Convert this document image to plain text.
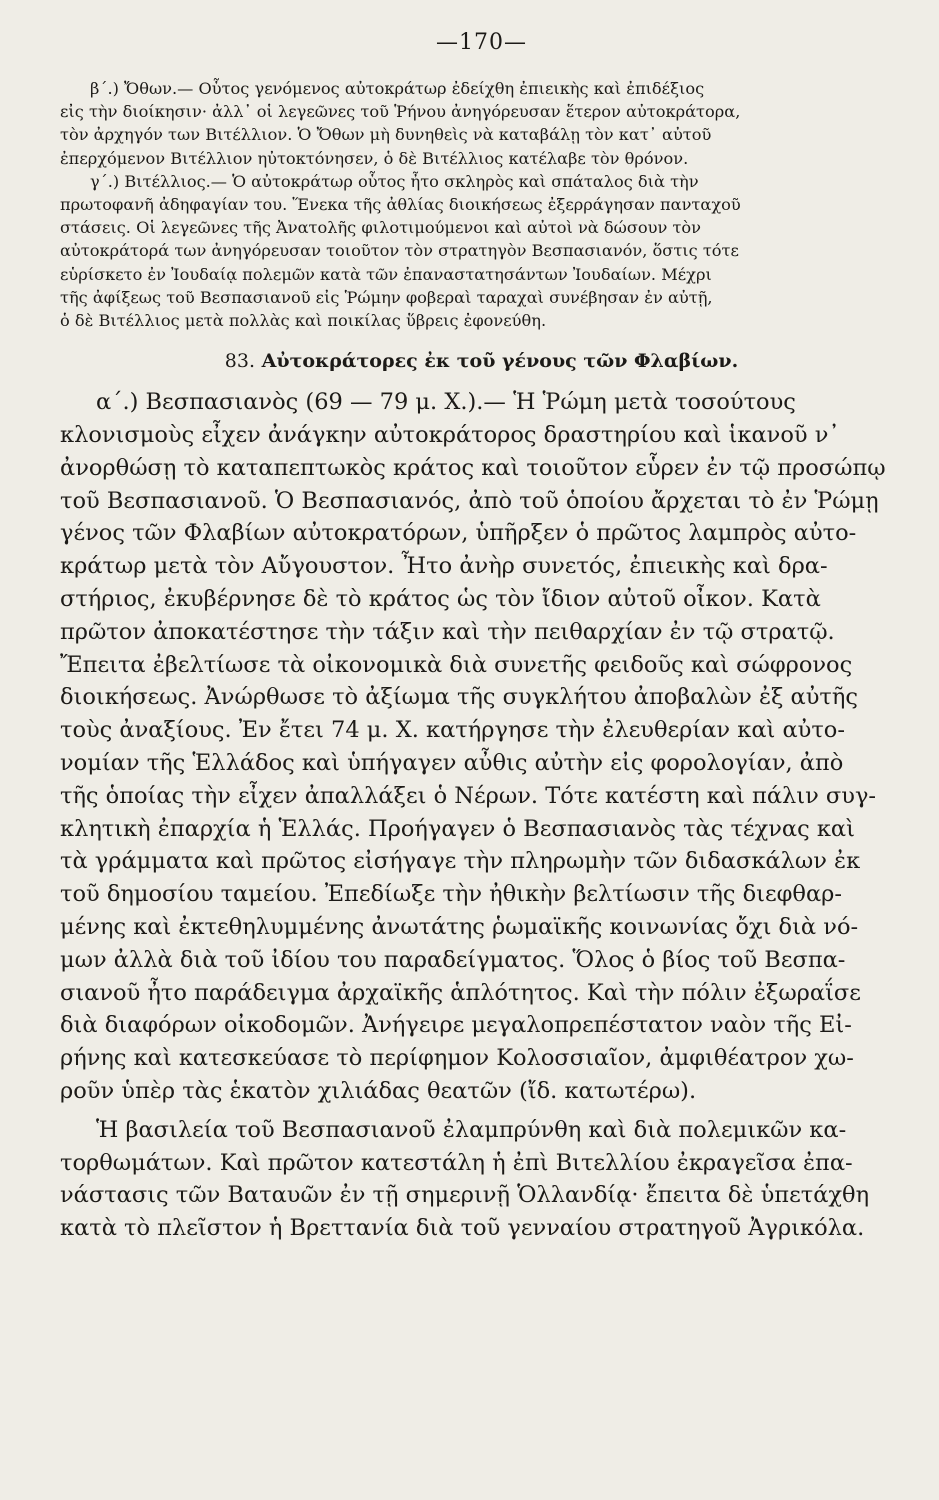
—170—

β΄.) Ὄθων.— Οὗτος γενόμενος αὐτοκράτωρ ἐδείχθη ἐπιεικὴς καὶ ἐπιδέξιος
εἰς τὴν διοίκησιν· ἀλλ᾽ οἱ λεγεῶνες τοῦ Ῥήνου ἀνηγόρευσαν ἕτερον αὐτοκράτορα,
τὸν ἀρχηγόν των Βιτέλλιον. Ὁ Ὄθων μὴ δυνηθεὶς νὰ καταβάλῃ τὸν κατ᾽ αὐτοῦ
ἐπερχόμενον Βιτέλλιον ηὐτοκτόνησεν, ὁ δὲ Βιτέλλιος κατέλαβε τὸν θρόνον.

γ΄.) Βιτέλλιος.— Ὁ αὐτοκράτωρ οὗτος ἦτο σκληρὸς καὶ σπάταλος διὰ τὴν
πρωτοφανῆ ἀδηφαγίαν του. Ἕνεκα τῆς ἀθλίας διοικήσεως ἐξερράγησαν πανταχοῦ
στάσεις. Οἱ λεγεῶνες τῆς Ἀνατολῆς φιλοτιμούμενοι καὶ αὐτοὶ νὰ δώσουν τὸν
αὐτοκράτορά των ἀνηγόρευσαν τοιοῦτον τὸν στρατηγὸν Βεσπασιανόν, ὅστις τότε
εὑρίσκετο ἐν Ἰουδαίᾳ πολεμῶν κατὰ τῶν ἐπαναστατησάντων Ἰουδαίων. Μέχρι
τῆς ἀφίξεως τοῦ Βεσπασιανοῦ εἰς Ῥώμην φοβεραὶ ταραχαὶ συνέβησαν ἐν αὐτῇ,
ὁ δὲ Βιτέλλιος μετὰ πολλὰς καὶ ποικίλας ὕβρεις ἐφονεύθη.

83. Αὐτοκράτορες ἐκ τοῦ γένους τῶν Φλαβίων.
α΄.) Βεσπασιανὸς (69 — 79 μ. Χ.).— Ἡ Ῥώμη μετὰ τοσούτους
κλονισμοὺς εἶχεν ἀνάγκην αὐτοκράτορος δραστηρίου καὶ ἱκανοῦ ν᾽
ἀνορθώσῃ τὸ καταπεπτωκὸς κράτος καὶ τοιοῦτον εὗρεν ἐν τῷ προσώπῳ
τοῦ Βεσπασιανοῦ. Ὁ Βεσπασιανός, ἀπὸ τοῦ ὁποίου ἄρχεται τὸ ἐν Ῥώμῃ
γένος τῶν Φλαβίων αὐτοκρατόρων, ὑπῆρξεν ὁ πρῶτος λαμπρὸς αὐτο-
κράτωρ μετὰ τὸν Αὔγουστον. Ἦτο ἀνὴρ συνετός, ἐπιεικὴς καὶ δρα-
στήριος, ἐκυβέρνησε δὲ τὸ κράτος ὡς τὸν ἴδιον αὐτοῦ οἶκον. Κατὰ
πρῶτον ἀποκατέστησε τὴν τάξιν καὶ τὴν πειθαρχίαν ἐν τῷ στρατῷ.
Ἔπειτα ἐβελτίωσε τὰ οἰκονομικὰ διὰ συνετῆς φειδοῦς καὶ σώφρονος
διοικήσεως. Ἀνώρθωσε τὸ ἀξίωμα τῆς συγκλήτου ἀποβαλὼν ἐξ αὐτῆς
τοὺς ἀναξίους. Ἐν ἔτει 74 μ. Χ. κατήργησε τὴν ἐλευθερίαν καὶ αὐτο-
νομίαν τῆς Ἑλλάδος καὶ ὑπήγαγεν αὖθις αὐτὴν εἰς φορολογίαν, ἀπὸ
τῆς ὁποίας τὴν εἶχεν ἀπαλλάξει ὁ Νέρων. Τότε κατέστη καὶ πάλιν συγ-
κλητικὴ ἐπαρχία ἡ Ἑλλάς. Προήγαγεν ὁ Βεσπασιανὸς τὰς τέχνας καὶ
τὰ γράμματα καὶ πρῶτος εἰσήγαγε τὴν πληρωμὴν τῶν διδασκάλων ἐκ
τοῦ δημοσίου ταμείου. Ἐπεδίωξε τὴν ἠθικὴν βελτίωσιν τῆς διεφθαρ-
μένης καὶ ἐκτεθηλυμμένης ἀνωτάτης ῥωμαϊκῆς κοινωνίας ὄχι διὰ νό-
μων ἀλλὰ διὰ τοῦ ἰδίου του παραδείγματος. Ὅλος ὁ βίος τοῦ Βεσπα-
σιανοῦ ἦτο παράδειγμα ἀρχαϊκῆς ἁπλότητος. Καὶ τὴν πόλιν ἐξωραΐσε
διὰ διαφόρων οἰκοδομῶν. Ἀνήγειρε μεγαλοπρεπέστατον ναὸν τῆς Εἰ-
ρήνης καὶ κατεσκεύασε τὸ περίφημον Κολοσσιαῖον, ἀμφιθέατρον χω-
ροῦν ὑπὲρ τὰς ἑκατὸν χιλιάδας θεατῶν (ἴδ. κατωτέρω).
Ἡ βασιλεία τοῦ Βεσπασιανοῦ ἐλαμπρύνθη καὶ διὰ πολεμικῶν κα-
τορθωμάτων. Καὶ πρῶτον κατεστάλη ἡ ἐπὶ Βιτελλίου ἐκραγεῖσα ἐπα-
νάστασις τῶν Βαταυῶν ἐν τῇ σημερινῇ Ὁλλανδίᾳ· ἔπειτα δὲ ὑπετάχθη
κατὰ τὸ πλεῖστον ἡ Βρεττανία διὰ τοῦ γενναίου στρατηγοῦ Ἀγρικόλα.
